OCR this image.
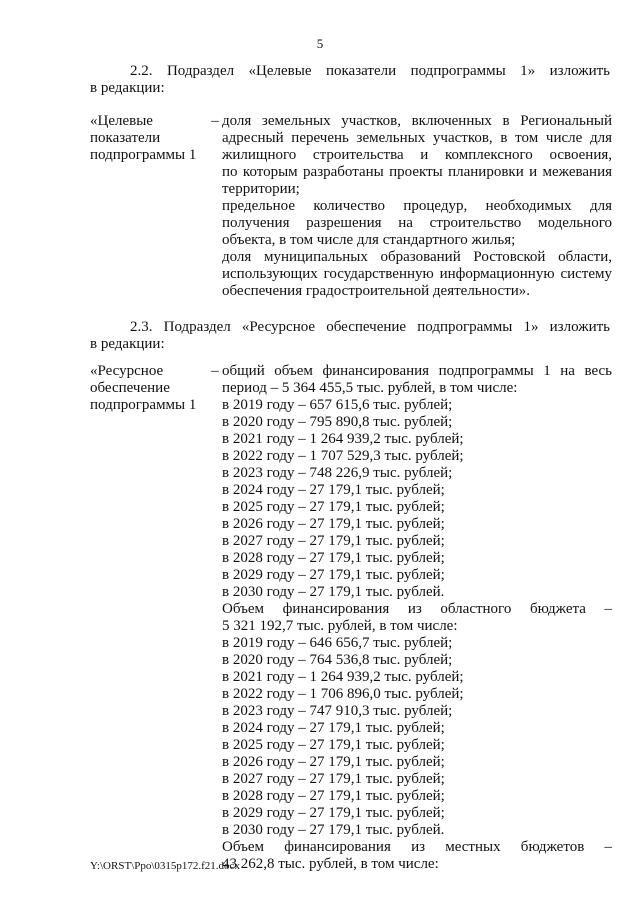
5
2.2. Подраздел «Целевые показатели подпрограммы 1» изложить
в редакции:
«Целевые
показатели
подпрограммы 1
– доля земельных участков, включенных в Региональный
адресный перечень земельных участков, в том числе для
жилищного строительства и комплексного освоения,
по которым разработаны проекты планировки и межевания
территории;
предельное количество процедур, необходимых для
получения разрешения на строительство модельного
объекта, в том числе для стандартного жилья;
доля муниципальных образований Ростовской области,
использующих государственную информационную систему
обеспечения градостроительной деятельности».
2.3. Подраздел «Ресурсное обеспечение подпрограммы 1» изложить
в редакции:
«Ресурсное
обеспечение
подпрограммы 1
– общий объем финансирования подпрограммы 1 на весь
период – 5 364 455,5 тыс. рублей, в том числе:
в 2019 году – 657 615,6 тыс. рублей;
в 2020 году – 795 890,8 тыс. рублей;
в 2021 году – 1 264 939,2 тыс. рублей;
в 2022 году – 1 707 529,3 тыс. рублей;
в 2023 году – 748 226,9 тыс. рублей;
в 2024 году – 27 179,1 тыс. рублей;
в 2025 году – 27 179,1 тыс. рублей;
в 2026 году – 27 179,1 тыс. рублей;
в 2027 году – 27 179,1 тыс. рублей;
в 2028 году – 27 179,1 тыс. рублей;
в 2029 году – 27 179,1 тыс. рублей;
в 2030 году – 27 179,1 тыс. рублей.
Объем финансирования из областного бюджета –
5 321 192,7 тыс. рублей, в том числе:
в 2019 году – 646 656,7 тыс. рублей;
в 2020 году – 764 536,8 тыс. рублей;
в 2021 году – 1 264 939,2 тыс. рублей;
в 2022 году – 1 706 896,0 тыс. рублей;
в 2023 году – 747 910,3 тыс. рублей;
в 2024 году – 27 179,1 тыс. рублей;
в 2025 году – 27 179,1 тыс. рублей;
в 2026 году – 27 179,1 тыс. рублей;
в 2027 году – 27 179,1 тыс. рублей;
в 2028 году – 27 179,1 тыс. рублей;
в 2029 году – 27 179,1 тыс. рублей;
в 2030 году – 27 179,1 тыс. рублей.
Объем финансирования из местных бюджетов –
43 262,8 тыс. рублей, в том числе:
Y:\ORST\Ppo\0315p172.f21.docx
